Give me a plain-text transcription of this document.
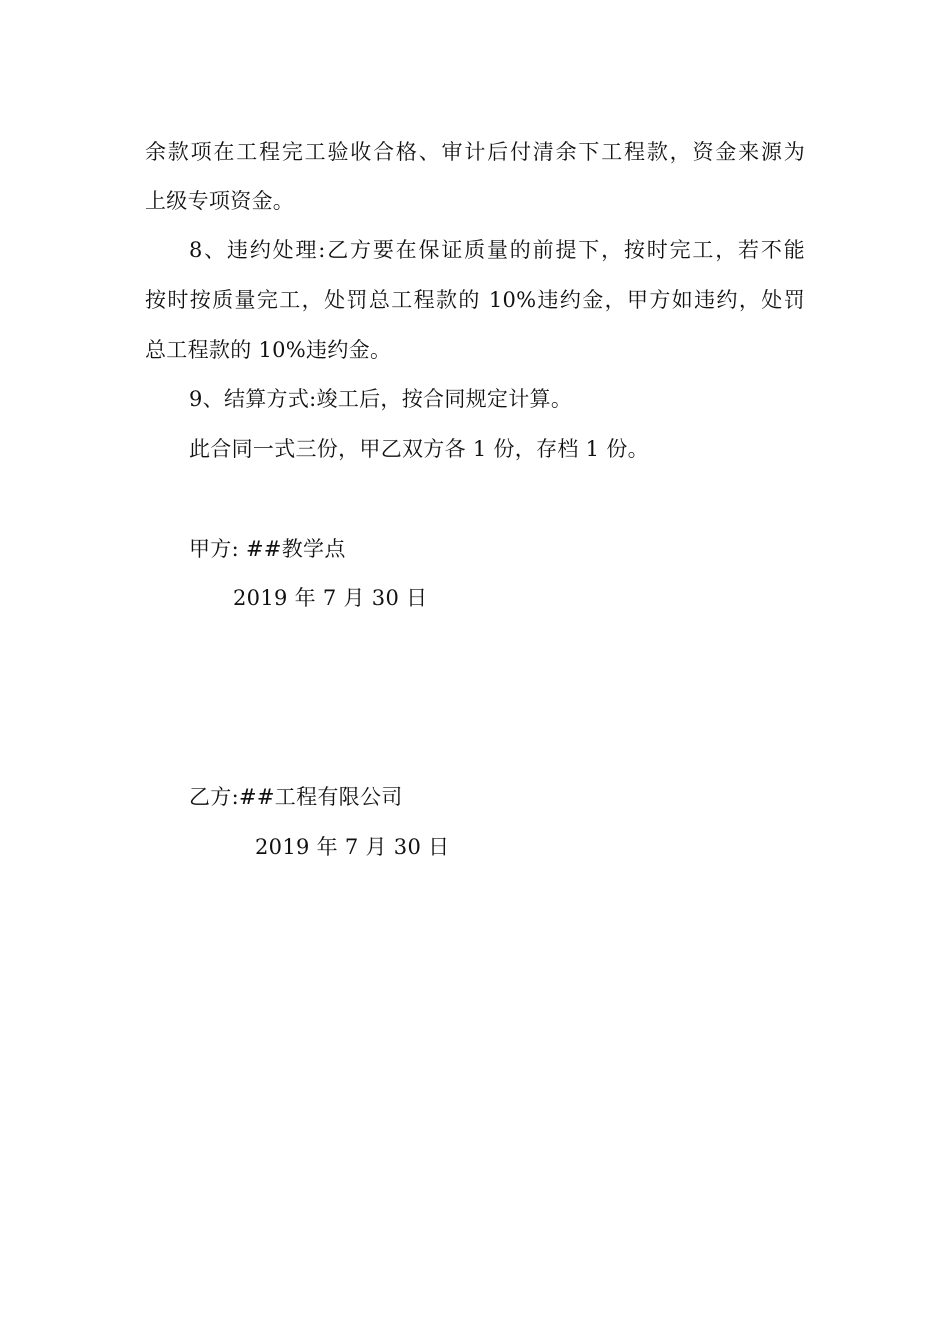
余款项在工程完工验收合格、审计后付清余下工程款，资金来源为
上级专项资金。
8、违约处理:乙方要在保证质量的前提下，按时完工，若不能
按时按质量完工，处罚总工程款的 10%违约金，甲方如违约，处罚
总工程款的 10%违约金。
9、结算方式:竣工后，按合同规定计算。
此合同一式三份，甲乙双方各 1 份，存档 1 份。
甲方: ##教学点
2019 年 7 月 30 日
乙方:##工程有限公司
2019 年 7 月 30 日
